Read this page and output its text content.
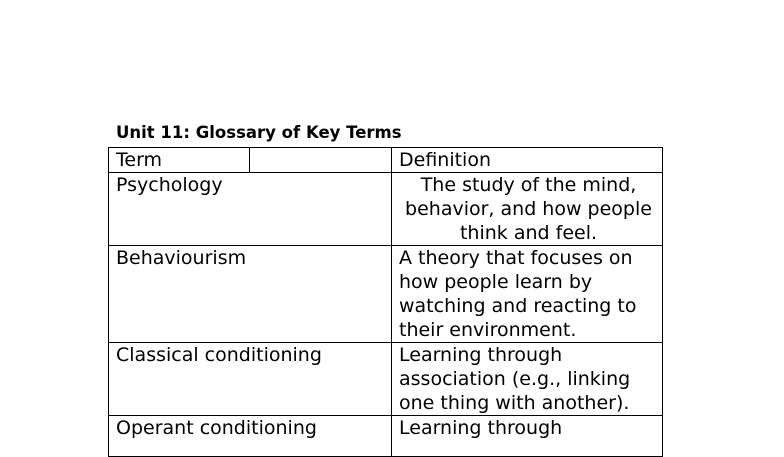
Unit 11: Glossary of Key Terms
Term		Definition
Psychology		The study of the mind, behavior, and how people think and feel.
Behaviourism		A theory that focuses on how people learn by watching and reacting to their environment.
Classical conditioning		Learning through association (e.g., linking one thing with another).
Operant conditioning		Learning through
